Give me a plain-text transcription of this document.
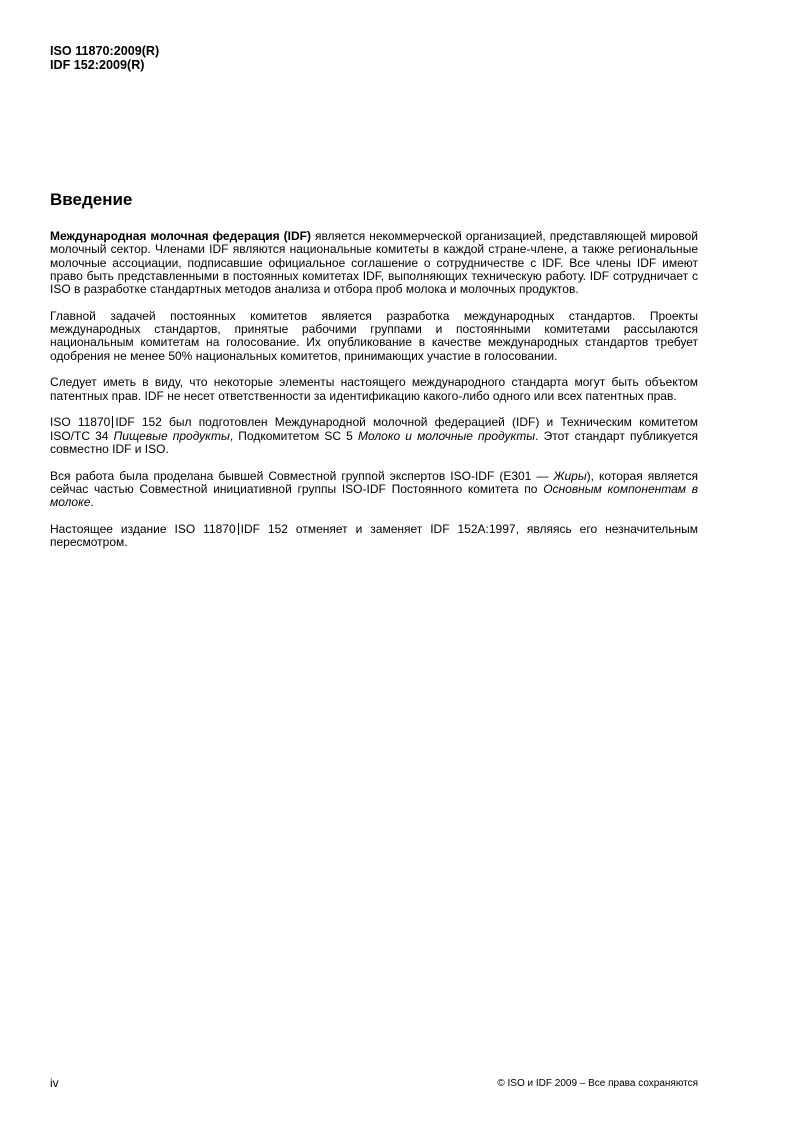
ISO 11870:2009(R)
IDF 152:2009(R)
Введение

Международная молочная федерация (IDF) является некоммерческой организацией, представляющей мировой молочный сектор. Членами IDF являются национальные комитеты в каждой стране-члене, а также региональные молочные ассоциации, подписавшие официальное соглашение о сотрудничестве с IDF. Все члены IDF имеют право быть представленными в постоянных комитетах IDF, выполняющих техническую работу. IDF сотрудничает с ISO в разработке стандартных методов анализа и отбора проб молока и молочных продуктов.

Главной задачей постоянных комитетов является разработка международных стандартов. Проекты международных стандартов, принятые рабочими группами и постоянными комитетами рассылаются национальным комитетам на голосование. Их опубликование в качестве международных стандартов требует одобрения не менее 50% национальных комитетов, принимающих участие в голосовании.

Следует иметь в виду, что некоторые элементы настоящего международного стандарта могут быть объектом патентных прав. IDF не несет ответственности за идентификацию какого-либо одного или всех патентных прав.

ISO 11870 IDF 152 был подготовлен Международной молочной федерацией (IDF) и Техническим комитетом ISO/TC 34 Пищевые продукты, Подкомитетом SC 5 Молоко и молочные продукты. Этот стандарт публикуется совместно IDF и ISO.

Вся работа была проделана бывшей Совместной группой экспертов ISO-IDF (E301 — Жиры), которая является сейчас частью Совместной инициативной группы ISO-IDF Постоянного комитета по Основным компонентам в молоке.

Настоящее издание ISO 11870 IDF 152 отменяет и заменяет IDF 152A:1997, являясь его незначительным пересмотром.

iv	© ISO и IDF 2009 – Все права сохраняются
